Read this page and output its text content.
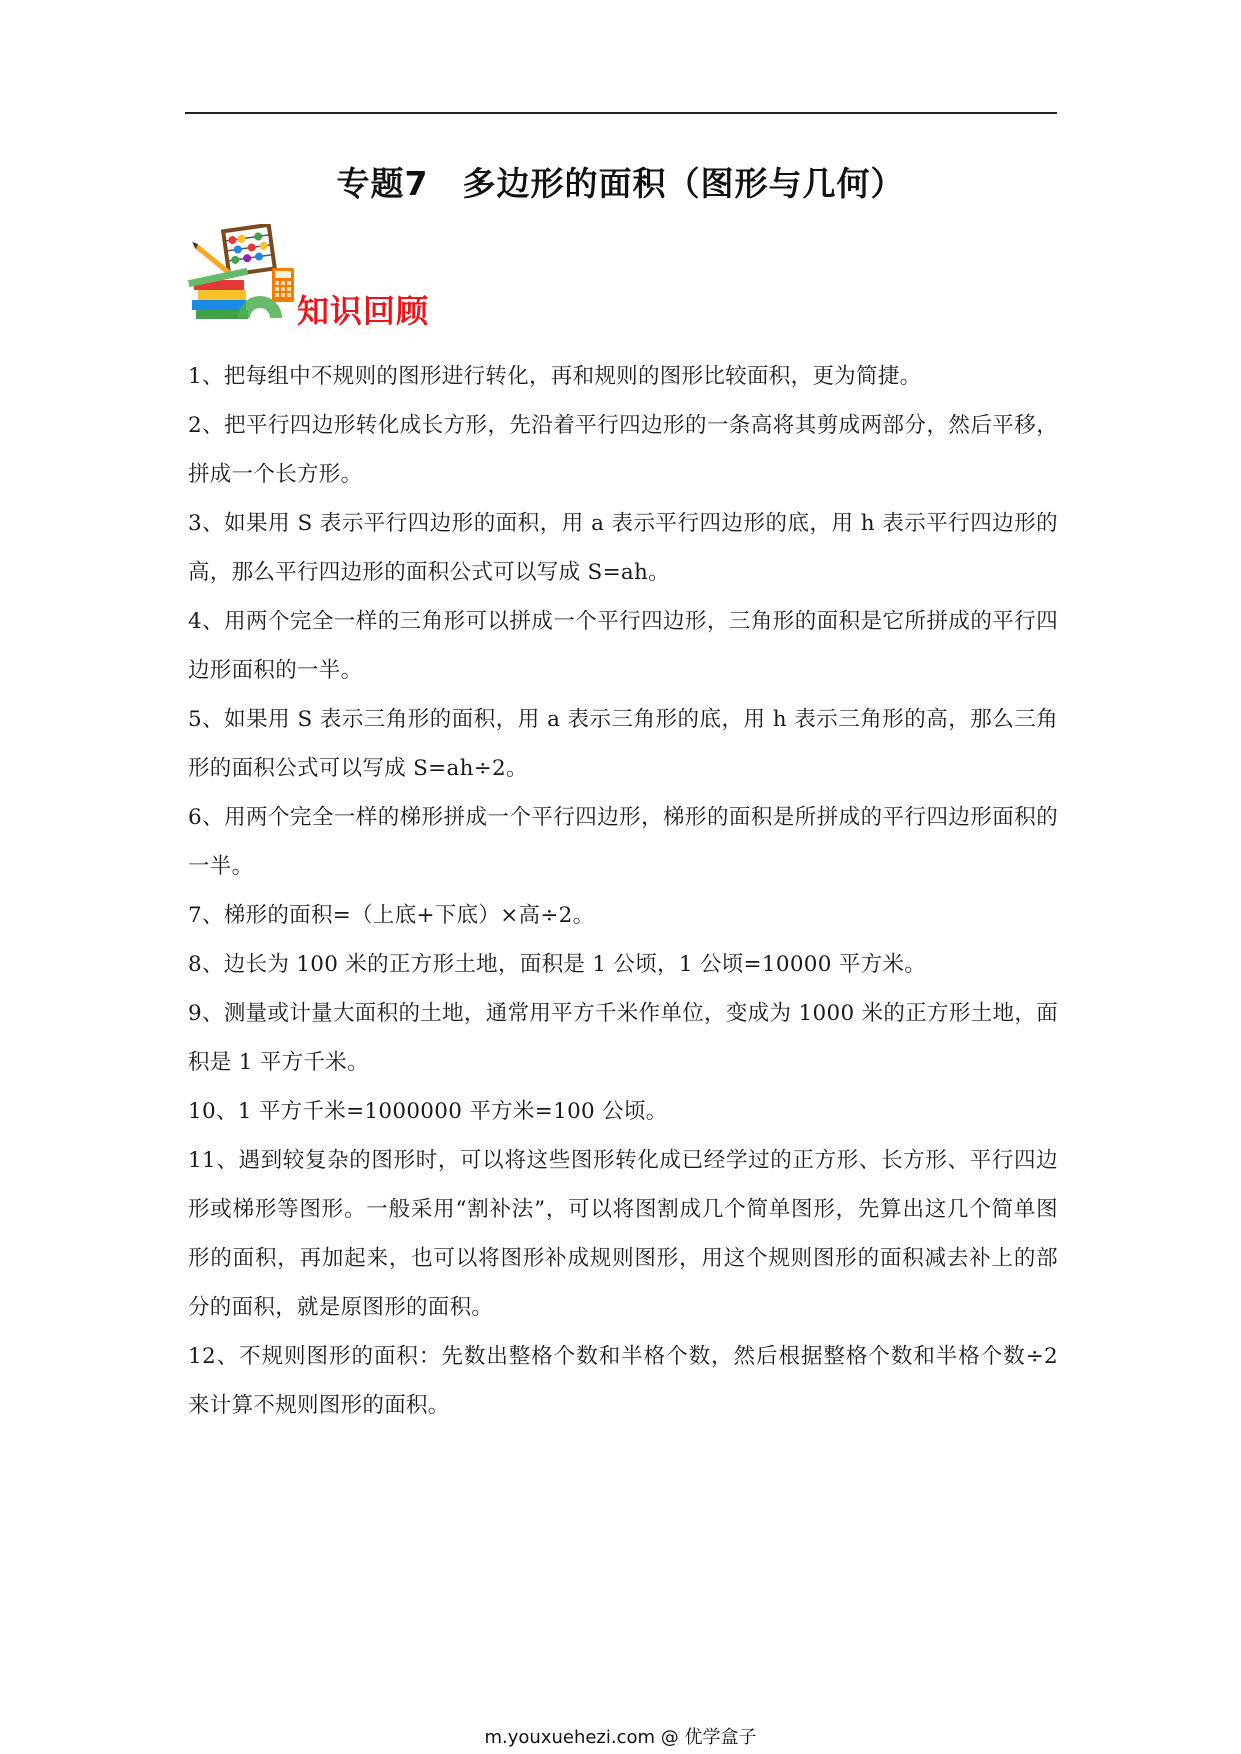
专题7　多边形的面积（图形与几何）
知识回顾

1、把每组中不规则的图形进行转化，再和规则的图形比较面积，更为简捷。

2、把平行四边形转化成长方形，先沿着平行四边形的一条高将其剪成两部分，然后平移，拼成一个长方形。

3、如果用 S 表示平行四边形的面积，用 a 表示平行四边形的底，用 h 表示平行四边形的高，那么平行四边形的面积公式可以写成 S=ah。

4、用两个完全一样的三角形可以拼成一个平行四边形，三角形的面积是它所拼成的平行四边形面积的一半。

5、如果用 S 表示三角形的面积，用 a 表示三角形的底，用 h 表示三角形的高，那么三角形的面积公式可以写成 S=ah÷2。

6、用两个完全一样的梯形拼成一个平行四边形，梯形的面积是所拼成的平行四边形面积的一半。

7、梯形的面积=（上底+下底）×高÷2。

8、边长为 100 米的正方形土地，面积是 1 公顷，1 公顷=10000 平方米。

9、测量或计量大面积的土地，通常用平方千米作单位，变成为 1000 米的正方形土地，面积是 1 平方千米。

10、1 平方千米=1000000 平方米=100 公顷。

11、遇到较复杂的图形时，可以将这些图形转化成已经学过的正方形、长方形、平行四边形或梯形等图形。一般采用“割补法”，可以将图割成几个简单图形，先算出这几个简单图形的面积，再加起来，也可以将图形补成规则图形，用这个规则图形的面积减去补上的部分的面积，就是原图形的面积。

12、不规则图形的面积：先数出整格个数和半格个数，然后根据整格个数和半格个数÷2 来计算不规则图形的面积。

m.youxuehezi.com @ 优学盒子
